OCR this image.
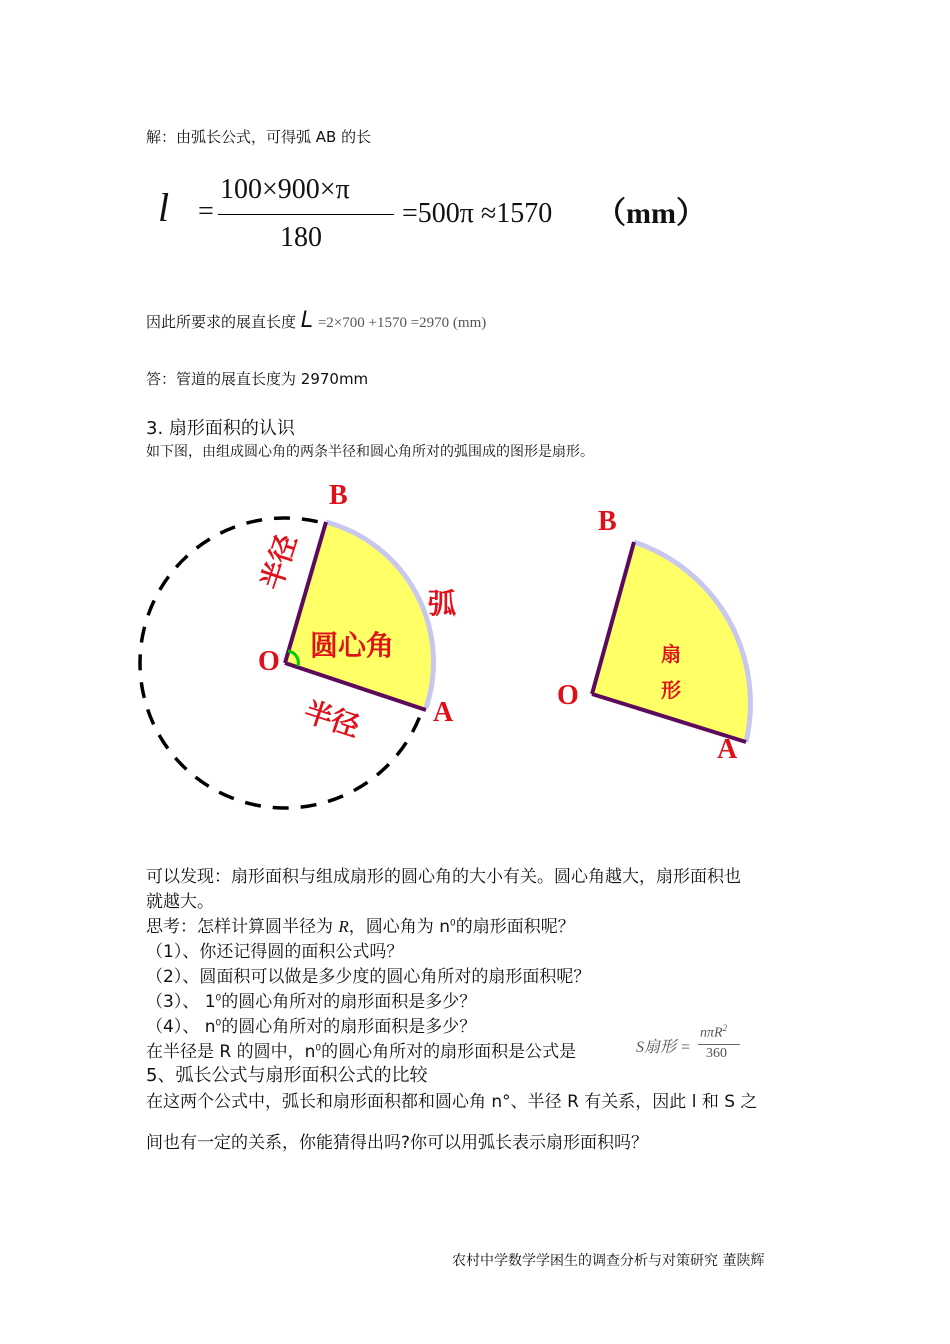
解：由弧长公式，可得弧 AB 的长
l =
100×900×π
180
=500π ≈1570 （mm）
因此所要求的展直长度 L =2×700 +1570 =2970 (mm)
答：管道的展直长度为 2970mm
3. 扇形面积的认识
如下图，由组成圆心角的两条半径和圆心角所对的弧围成的图形是扇形。
B
O
A
半径
半径
弧
圆心角
B
O
A
扇
形
可以发现：扇形面积与组成扇形的圆心角的大小有关。圆心角越大，扇形面积也
就越大。
思考：怎样计算圆半径为 R，圆心角为 $n^0$的扇形面积呢？
（1）、你还记得圆的面积公式吗？
（2）、圆面积可以做是多少度的圆心角所对的扇形面积呢？
（3）、 $1^0$的圆心角所对的扇形面积是多少？
（4）、 $n^0$的圆心角所对的扇形面积是多少？
在半径是 R 的圆中，$n^0$的圆心角所对的扇形面积是公式是	S扇形 =
nπR$^2$
360
5、弧长公式与扇形面积公式的比较
在这两个公式中，弧长和扇形面积都和圆心角 n°、半径 R 有关系，因此 l 和 S 之
间也有一定的关系，你能猜得出吗?你可以用弧长表示扇形面积吗？
农村中学数学学困生的调查分析与对策研究 董陕辉
